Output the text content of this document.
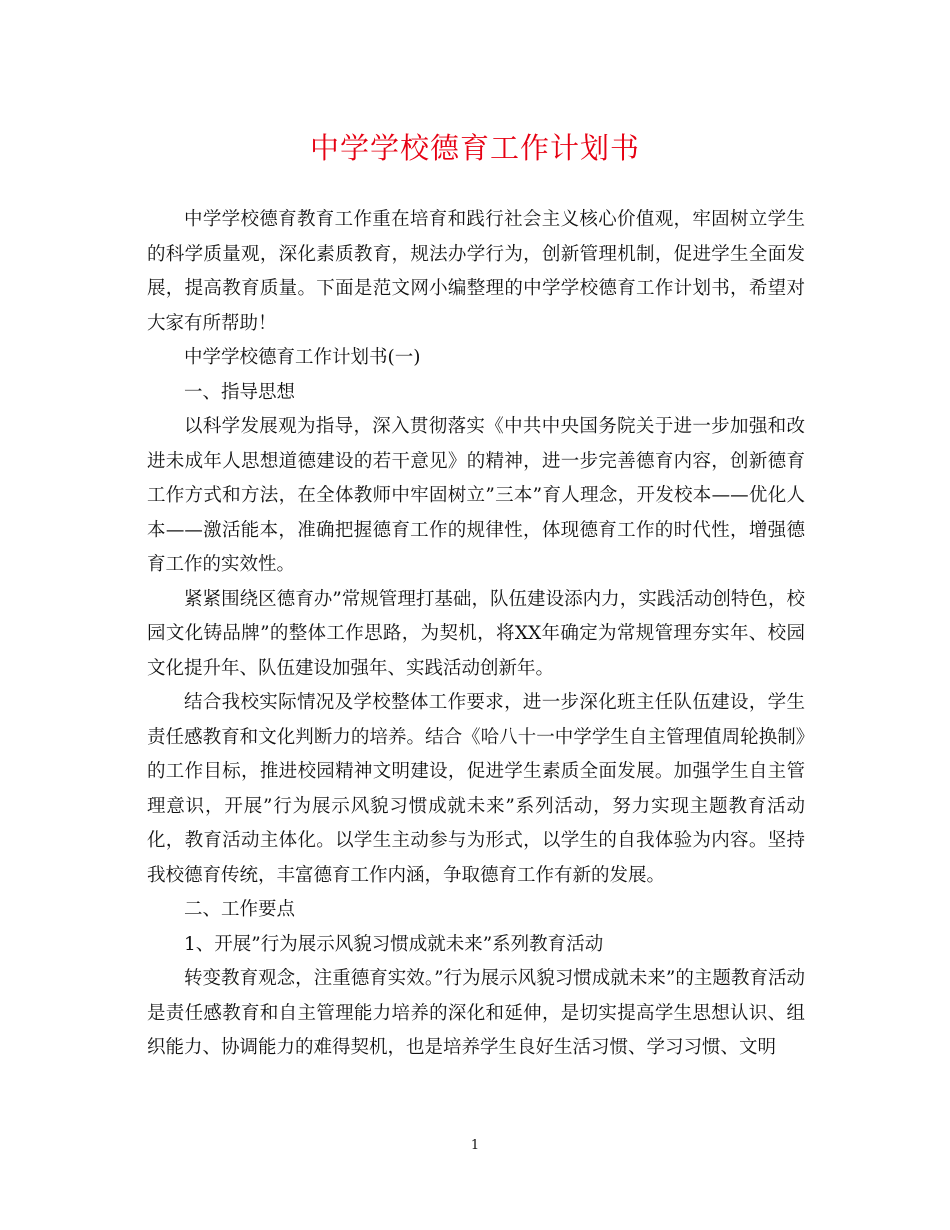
中学学校德育工作计划书

中学学校德育教育工作重在培育和践行社会主义核心价值观，牢固树立学生的科学质量观，深化素质教育，规法办学行为，创新管理机制，促进学生全面发展，提高教育质量。下面是范文网小编整理的中学学校德育工作计划书，希望对大家有所帮助！

中学学校德育工作计划书(一)

一、指导思想

以科学发展观为指导，深入贯彻落实《中共中央国务院关于进一步加强和改进未成年人思想道德建设的若干意见》的精神，进一步完善德育内容，创新德育工作方式和方法，在全体教师中牢固树立”三本”育人理念，开发校本——优化人本——激活能本，准确把握德育工作的规律性，体现德育工作的时代性，增强德育工作的实效性。

紧紧围绕区德育办”常规管理打基础，队伍建设添内力，实践活动创特色，校园文化铸品牌”的整体工作思路，为契机，将XX年确定为常规管理夯实年、校园文化提升年、队伍建设加强年、实践活动创新年。

结合我校实际情况及学校整体工作要求，进一步深化班主任队伍建设，学生责任感教育和文化判断力的培养。结合《哈八十一中学学生自主管理值周轮换制》的工作目标，推进校园精神文明建设，促进学生素质全面发展。加强学生自主管理意识，开展”行为展示风貌习惯成就未来”系列活动，努力实现主题教育活动化，教育活动主体化。以学生主动参与为形式，以学生的自我体验为内容。坚持我校德育传统，丰富德育工作内涵，争取德育工作有新的发展。

二、工作要点

1、开展”行为展示风貌习惯成就未来”系列教育活动

转变教育观念，注重德育实效。”行为展示风貌习惯成就未来”的主题教育活动是责任感教育和自主管理能力培养的深化和延伸，是切实提高学生思想认识、组织能力、协调能力的难得契机，也是培养学生良好生活习惯、学习习惯、文明

1
